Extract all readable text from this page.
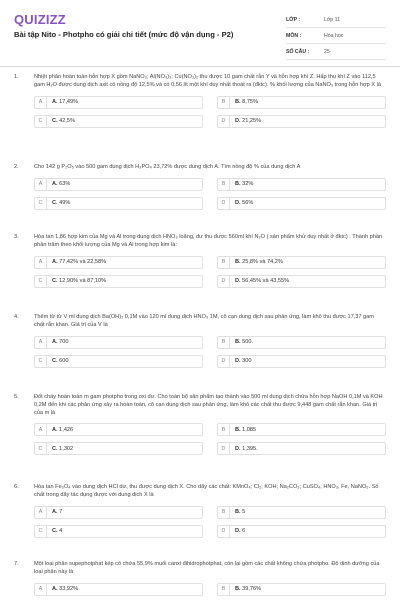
QUIZIZZ
Bài tập Nito - Photpho có giải chi tiết (mức độ vận dụng - P2)
LỚP :	Lớp 11
MÔN :	Hóa học
SỐ CÂU :	25
1.	Nhiệt phân hoàn toàn hỗn hợp X gồm NaNO₃; Al(NO₃)₃; Cu(NO₃)₂ thu được 10 gam chất rắn Y và hỗn hợp khí Z. Hấp thụ khí Z vào 112,5 gam H₂O được dung dịch axit có nồng độ 12,5% và có 0,56 lít một khí duy nhất thoát ra (đktc). % khối lượng của NaNO₃ trong hỗn hợp X là
A	A. 17,49%	B	B. 8,75%
C	C. 42,5%	D	D. 21,25%
2.	Cho 142 g P₂O₅ vào 500 gam dung dịch H₃PO₄ 23,72% được dung dịch A. Tìm nồng độ % của dung dịch A
A	A. 63%	B	B. 32%
C	C. 49%	D	D. 56%
3.	Hòa tan 1,86 hợp kim của Mg và Al trong dung dịch HNO₃ loãng, dư thu được 560ml khí N₂O ( sản phẩm khử duy nhất ở đktc) . Thành phần phần trăm theo khối lượng của Mg và Al trong hợp kim là:
A	A. 77,42% và 22,58%	B	B. 25,8% và 74,2%
C	C. 12,90% và 87,10%	D	D. 56,45% và 43,55%
4.	Thêm từ từ V ml dung dịch Ba(OH)₂ 0,1M vào 120 ml dung dịch HNO₃ 1M, cô cạn dung dịch sau phản ứng, làm khô thu được 17,37 gam chất rắn khan. Giá trị của V là
A	A. 700	B	B. 500.
C	C. 600	D	D. 300
5.	Đốt cháy hoàn toàn m gam photpho trong oxi dư. Cho toàn bộ sản phẩm tạo thành vào 500 ml dung dịch chứa hỗn hợp NaOH 0,1M và KOH 0,2M đến khi các phản ứng xảy ra hoàn toàn, cô cạn dung dịch sau phản ứng, làm khô các chất thu được 9,448 gam chất rắn khan. Giá trị của m là
A	A. 1,426	B	B. 1,085
C	C. 1,302	D	D. 1,395.
6.	Hòa tan Fe₃O₄ vào dung dịch HCl dư, thu được dung dịch X. Cho dãy các chất: KMnO₄; Cl₂; KOH; Na₂CO₃; CuSO₄, HNO₃, Fe, NaNO₃. Số chất trong dãy tác dụng được với dung dịch X là
A	A. 7	B	B. 5
C	C. 4	D	D. 6
7.	Một loại phân supephotphat kép có chứa 55,9% muối canxi đihidrophotphat, còn lại gồm các chất không chứa photpho. Độ dinh dưỡng của loại phân này là
A	A. 33,92%	B	B. 39,76%
